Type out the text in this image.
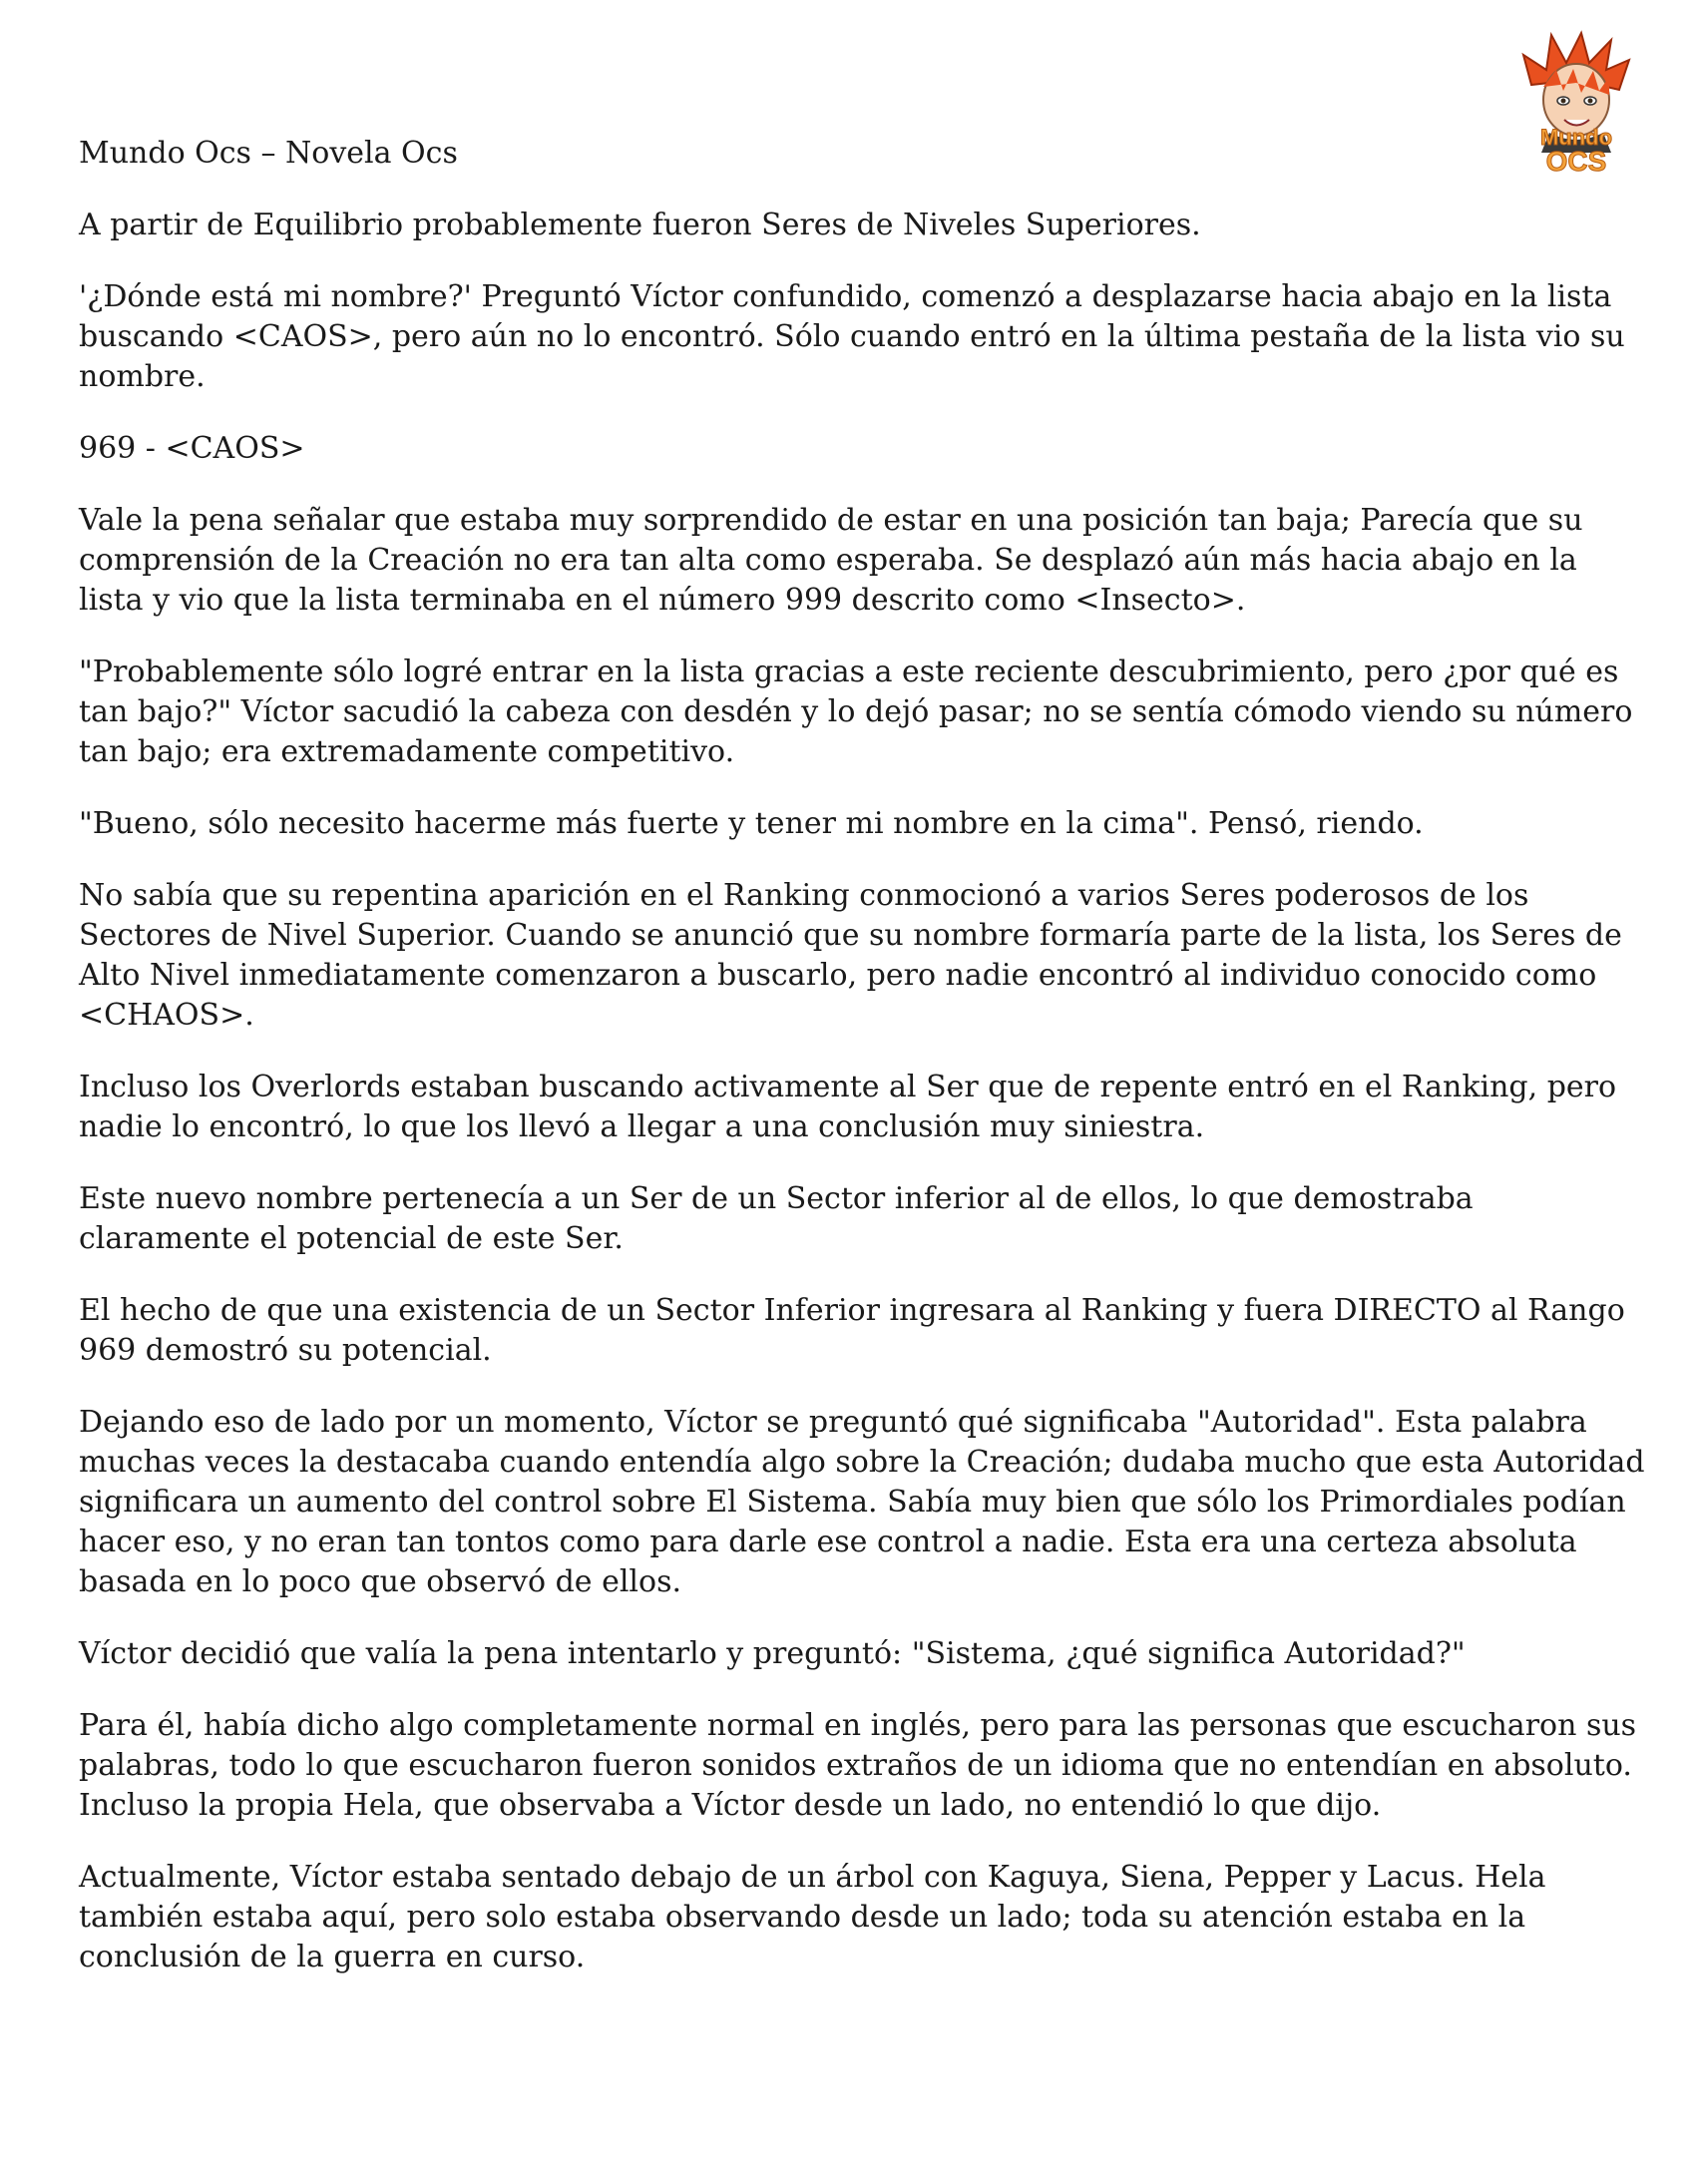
Mundo
OCS

Mundo Ocs – Novela Ocs

A partir de Equilibrio probablemente fueron Seres de Niveles Superiores.

'¿Dónde está mi nombre?' Preguntó Víctor confundido, comenzó a desplazarse hacia abajo en la lista buscando <CAOS>, pero aún no lo encontró. Sólo cuando entró en la última pestaña de la lista vio su nombre.

969 - <CAOS>

Vale la pena señalar que estaba muy sorprendido de estar en una posición tan baja; Parecía que su comprensión de la Creación no era tan alta como esperaba. Se desplazó aún más hacia abajo en la lista y vio que la lista terminaba en el número 999 descrito como <Insecto>.

"Probablemente sólo logré entrar en la lista gracias a este reciente descubrimiento, pero ¿por qué es tan bajo?" Víctor sacudió la cabeza con desdén y lo dejó pasar; no se sentía cómodo viendo su número tan bajo; era extremadamente competitivo.

"Bueno, sólo necesito hacerme más fuerte y tener mi nombre en la cima". Pensó, riendo.

No sabía que su repentina aparición en el Ranking conmocionó a varios Seres poderosos de los Sectores de Nivel Superior. Cuando se anunció que su nombre formaría parte de la lista, los Seres de Alto Nivel inmediatamente comenzaron a buscarlo, pero nadie encontró al individuo conocido como <CHAOS>.

Incluso los Overlords estaban buscando activamente al Ser que de repente entró en el Ranking, pero nadie lo encontró, lo que los llevó a llegar a una conclusión muy siniestra.

Este nuevo nombre pertenecía a un Ser de un Sector inferior al de ellos, lo que demostraba claramente el potencial de este Ser.

El hecho de que una existencia de un Sector Inferior ingresara al Ranking y fuera DIRECTO al Rango 969 demostró su potencial.

Dejando eso de lado por un momento, Víctor se preguntó qué significaba "Autoridad". Esta palabra muchas veces la destacaba cuando entendía algo sobre la Creación; dudaba mucho que esta Autoridad significara un aumento del control sobre El Sistema. Sabía muy bien que sólo los Primordiales podían hacer eso, y no eran tan tontos como para darle ese control a nadie. Esta era una certeza absoluta basada en lo poco que observó de ellos.

Víctor decidió que valía la pena intentarlo y preguntó: "Sistema, ¿qué significa Autoridad?"

Para él, había dicho algo completamente normal en inglés, pero para las personas que escucharon sus palabras, todo lo que escucharon fueron sonidos extraños de un idioma que no entendían en absoluto. Incluso la propia Hela, que observaba a Víctor desde un lado, no entendió lo que dijo.

Actualmente, Víctor estaba sentado debajo de un árbol con Kaguya, Siena, Pepper y Lacus. Hela también estaba aquí, pero solo estaba observando desde un lado; toda su atención estaba en la conclusión de la guerra en curso.
